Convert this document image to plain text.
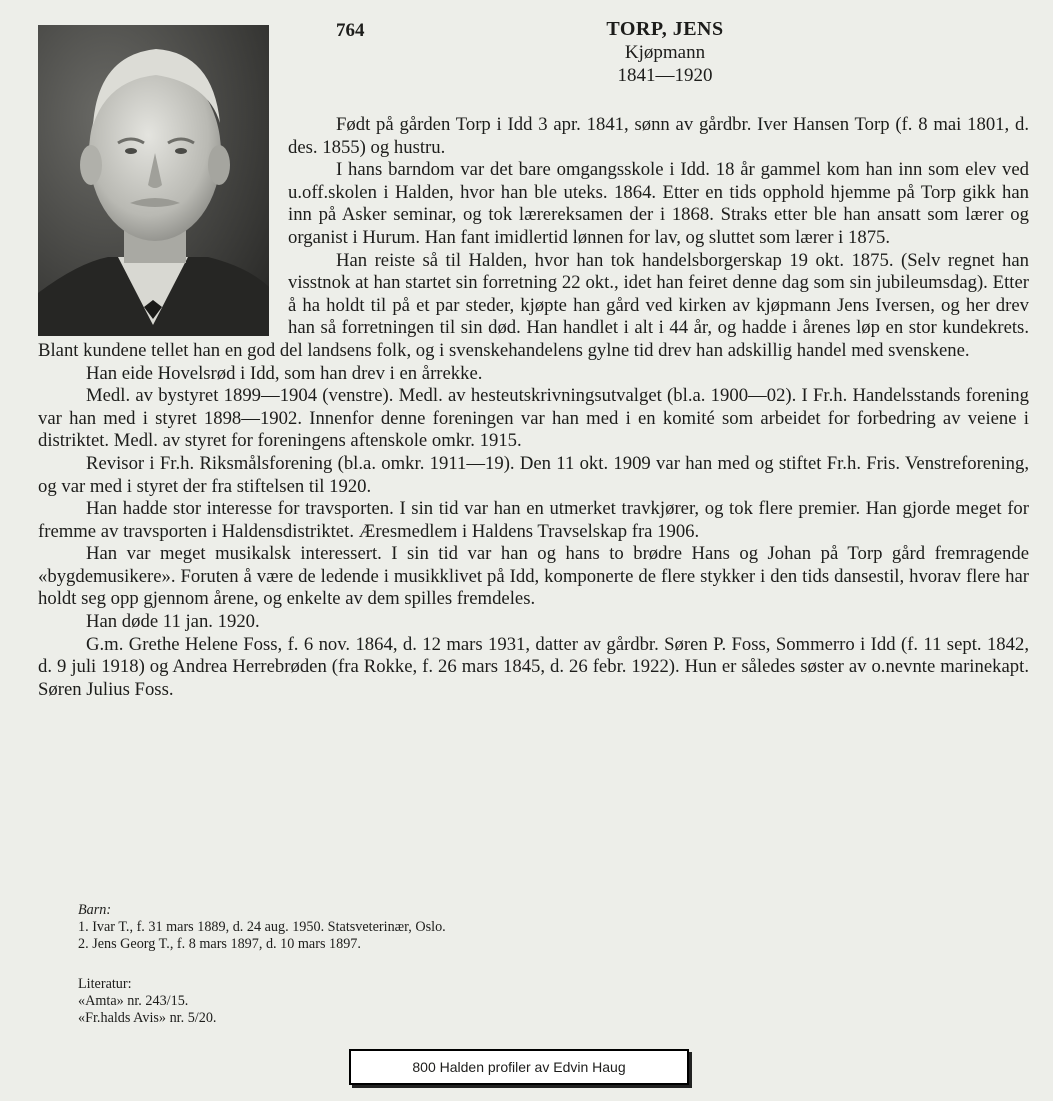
764	TORP, JENS
Kjøpmann
1841—1920

Født på gården Torp i Idd 3 apr. 1841, sønn av gårdbr. Iver Hansen Torp (f. 8 mai 1801, d. des. 1855) og hustru.

I hans barndom var det bare omgangsskole i Idd. 18 år gammel kom han inn som elev ved u.off.skolen i Halden, hvor han ble uteks. 1864. Etter en tids opphold hjemme på Torp gikk han inn på Asker seminar, og tok lærereksamen der i 1868. Straks etter ble han ansatt som lærer og organist i Hurum. Han fant imidlertid lønnen for lav, og sluttet som lærer i 1875.

Han reiste så til Halden, hvor han tok handelsborgerskap 19 okt. 1875. (Selv regnet han visstnok at han startet sin forretning 22 okt., idet han feiret denne dag som sin jubileumsdag). Etter å ha holdt til på et par steder, kjøpte han gård ved kirken av kjøpmann Jens Iversen, og her drev han så forretningen til sin død. Han handlet i alt i 44 år, og hadde i årenes løp en stor kundekrets. Blant kundene tellet han en god del landsens folk, og i svenskehandelens gylne tid drev han adskillig handel med svenskene.

Han eide Hovelsrød i Idd, som han drev i en årrekke.

Medl. av bystyret 1899—1904 (venstre). Medl. av hesteutskrivningsutvalget (bl.a. 1900—02). I Fr.h. Handelsstands forening var han med i styret 1898—1902. Innenfor denne foreningen var han med i en komité som arbeidet for forbedring av veiene i distriktet. Medl. av styret for foreningens aftenskole omkr. 1915.

Revisor i Fr.h. Riksmålsforening (bl.a. omkr. 1911—19). Den 11 okt. 1909 var han med og stiftet Fr.h. Fris. Venstreforening, og var med i styret der fra stiftelsen til 1920.

Han hadde stor interesse for travsporten. I sin tid var han en utmerket travkjører, og tok flere premier. Han gjorde meget for fremme av travsporten i Haldensdistriktet. Æresmedlem i Haldens Travselskap fra 1906.

Han var meget musikalsk interessert. I sin tid var han og hans to brødre Hans og Johan på Torp gård fremragende «bygdemusikere». Foruten å være de ledende i musikklivet på Idd, komponerte de flere stykker i den tids dansestil, hvorav flere har holdt seg opp gjennom årene, og enkelte av dem spilles fremdeles.

Han døde 11 jan. 1920.

G.m. Grethe Helene Foss, f. 6 nov. 1864, d. 12 mars 1931, datter av gårdbr. Søren P. Foss, Sommerro i Idd (f. 11 sept. 1842, d. 9 juli 1918) og Andrea Herrebrøden (fra Rokke, f. 26 mars 1845, d. 26 febr. 1922). Hun er således søster av o.nevnte marinekapt. Søren Julius Foss.

Barn:
1. Ivar T., f. 31 mars 1889, d. 24 aug. 1950. Statsveterinær, Oslo.
2. Jens Georg T., f. 8 mars 1897, d. 10 mars 1897.
Literatur:
«Amta» nr. 243/15.
«Fr.halds Avis» nr. 5/20.
800 Halden profiler av Edvin Haug
